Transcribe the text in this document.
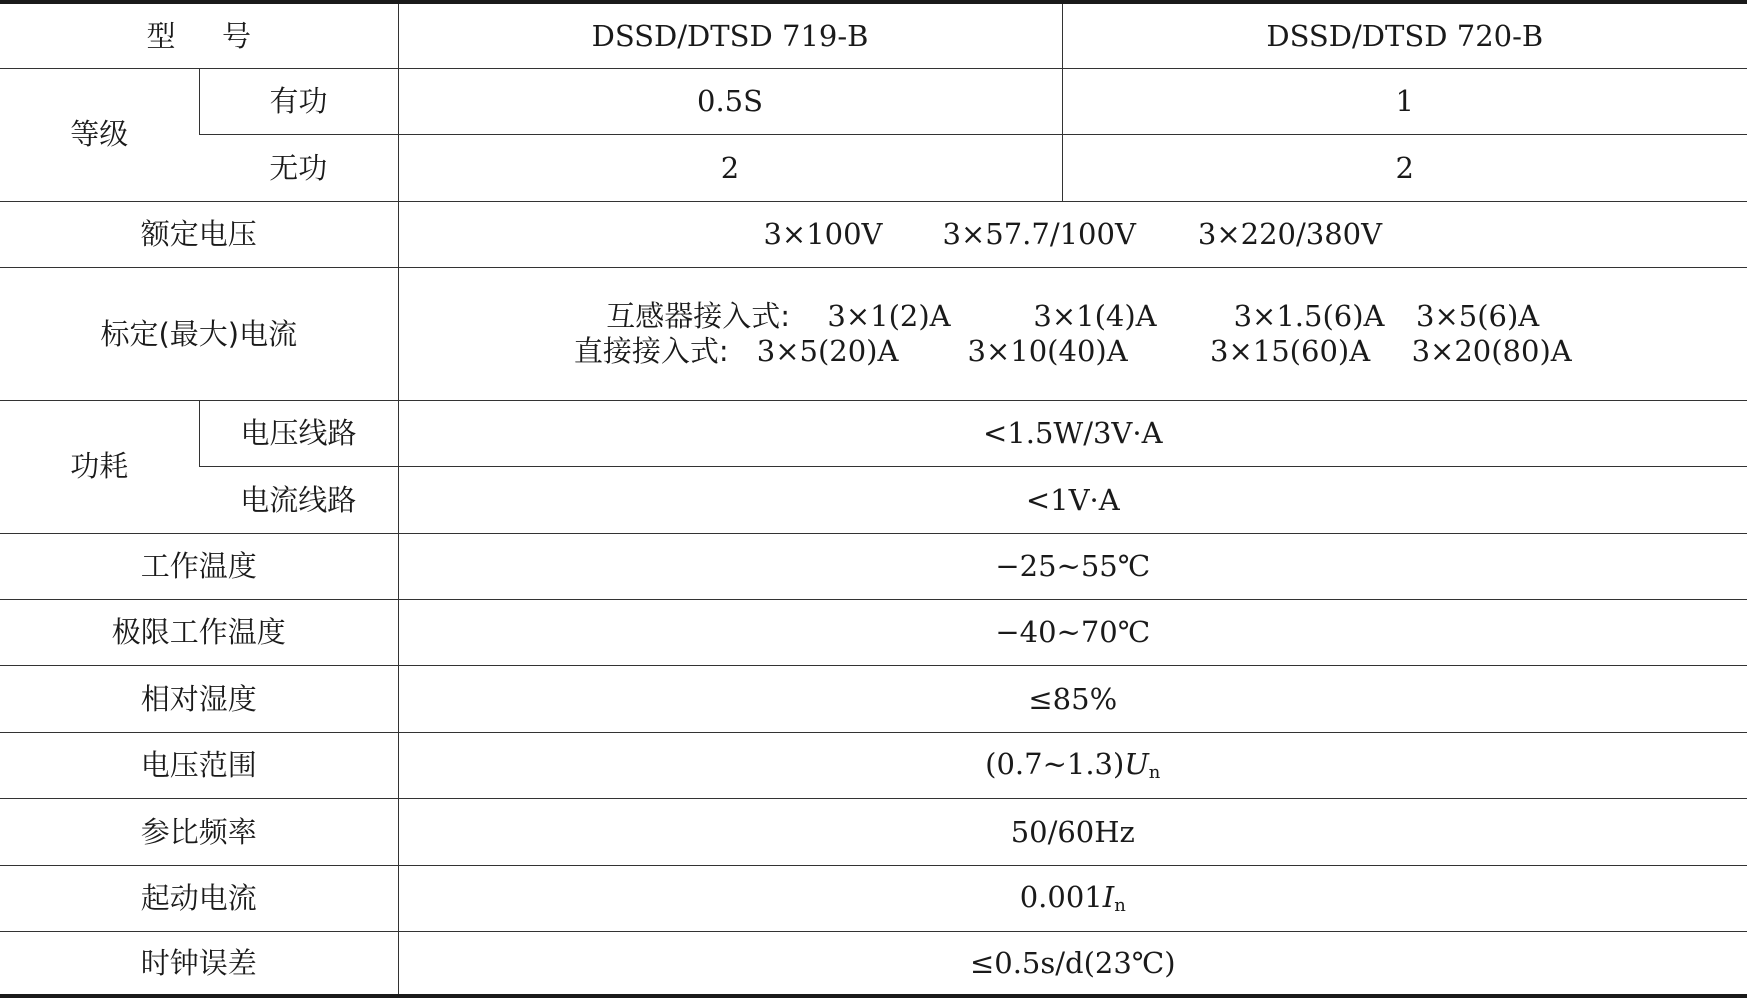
型号		DSSD/DTSD 719-B	DSSD/DTSD 720-B
等级	有功	0.5S	1
	无功	2	2
额定电压		3×100V 3×57.7/100V 3×220/380V	
标定(最大)电流		互感器接入式: 3×1(2)A 3×1(4)A 3×1.5(6)A 3×5(6)A
直接接入式: 3×5(20)A 3×10(40)A 3×15(60)A 3×20(80)A	

功耗	电压线路	<1.5W/3V·A	
	电流线路	<1V·A	
工作温度		−25~55℃	
极限工作温度		−40~70℃	
相对湿度		≤85%	
电压范围		$(0.7\sim 1.3)U_n$
参比频率		50/60Hz	
起动电流		$0.001I_n$
时钟误差		≤0.5s/d(23℃)	
